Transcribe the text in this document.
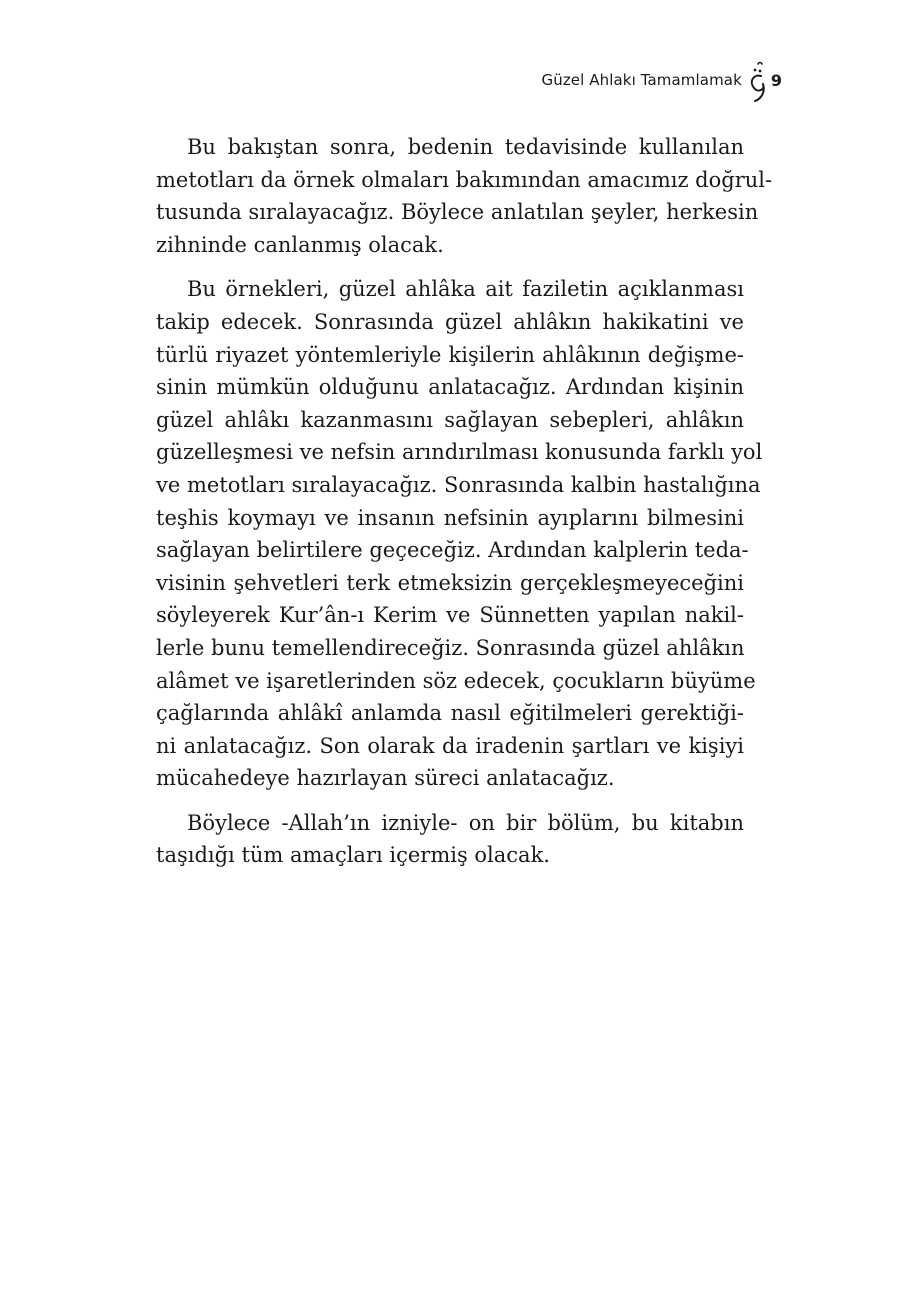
Güzel Ahlakı Tamamlamak 9
Bu bakıştan sonra, bedenin tedavisinde kullanılan
metotları da örnek olmaları bakımından amacımız doğrul-
tusunda sıralayacağız. Böylece anlatılan şeyler, herkesin
zihninde canlanmış olacak.
Bu örnekleri, güzel ahlâka ait faziletin açıklanması
takip edecek. Sonrasında güzel ahlâkın hakikatini ve
türlü riyazet yöntemleriyle kişilerin ahlâkının değişme-
sinin mümkün olduğunu anlatacağız. Ardından kişinin
güzel ahlâkı kazanmasını sağlayan sebepleri, ahlâkın
güzelleşmesi ve nefsin arındırılması konusunda farklı yol
ve metotları sıralayacağız. Sonrasında kalbin hastalığına
teşhis koymayı ve insanın nefsinin ayıplarını bilmesini
sağlayan belirtilere geçeceğiz. Ardından kalplerin teda-
visinin şehvetleri terk etmeksizin gerçekleşmeyeceğini
söyleyerek Kur’ân-ı Kerim ve Sünnetten yapılan nakil-
lerle bunu temellendireceğiz. Sonrasında güzel ahlâkın
alâmet ve işaretlerinden söz edecek, çocukların büyüme
çağlarında ahlâkî anlamda nasıl eğitilmeleri gerektiği-
ni anlatacağız. Son olarak da iradenin şartları ve kişiyi
mücahedeye hazırlayan süreci anlatacağız.
Böylece -Allah’ın izniyle- on bir bölüm, bu kitabın
taşıdığı tüm amaçları içermiş olacak.
